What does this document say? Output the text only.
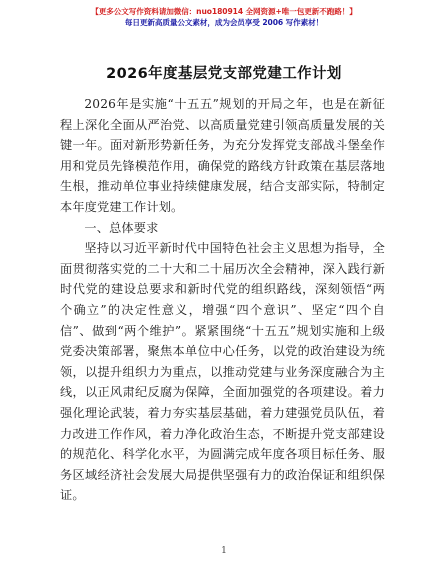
【更多公文写作资料请加微信：nuo180914 全网资源+唯一包更新不跑路！】
每日更新高质量公文素材，成为会员享受 2006 写作素材！
2026年度基层党支部党建工作计划

2026年是实施“十五五”规划的开局之年，也是在新征程上深化全面从严治党、以高质量党建引领高质量发展的关键一年。面对新形势新任务，为充分发挥党支部战斗堡垒作用和党员先锋模范作用，确保党的路线方针政策在基层落地生根，推动单位事业持续健康发展，结合支部实际，特制定本年度党建工作计划。

一、总体要求

坚持以习近平新时代中国特色社会主义思想为指导，全面贯彻落实党的二十大和二十届历次全会精神，深入践行新时代党的建设总要求和新时代党的组织路线，深刻领悟“两个确立”的决定性意义，增强“四个意识”、坚定“四个自信”、做到“两个维护”。紧紧围绕“十五五”规划实施和上级党委决策部署，聚焦本单位中心任务，以党的政治建设为统领，以提升组织力为重点，以推动党建与业务深度融合为主线，以正风肃纪反腐为保障，全面加强党的各项建设。着力强化理论武装，着力夯实基层基础，着力建强党员队伍，着力改进工作作风，着力净化政治生态，不断提升党支部建设的规范化、科学化水平，为圆满完成年度各项目标任务、服务区域经济社会发展大局提供坚强有力的政治保证和组织保证。

1
